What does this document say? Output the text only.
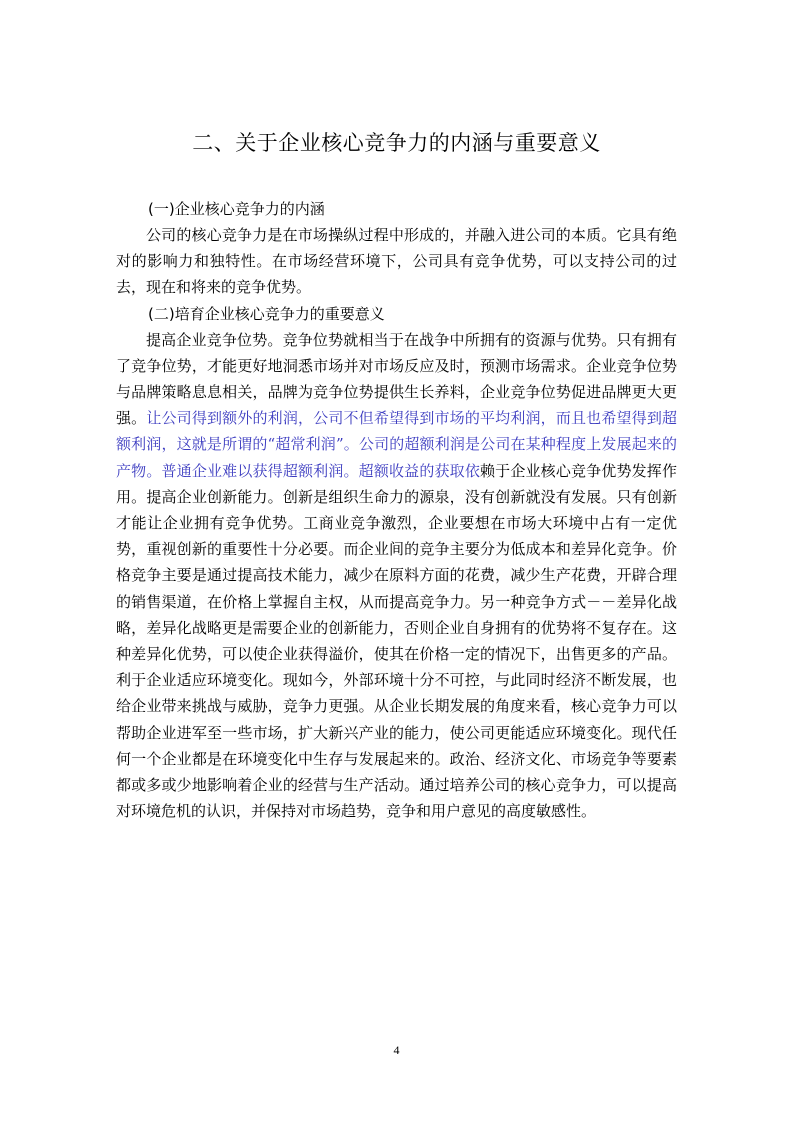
二、关于企业核心竞争力的内涵与重要意义
(一)企业核心竞争力的内涵

公司的核心竞争力是在市场操纵过程中形成的，并融入进公司的本质。它具有绝对的影响力和独特性。在市场经营环境下，公司具有竞争优势，可以支持公司的过去，现在和将来的竞争优势。

(二)培育企业核心竞争力的重要意义

提高企业竞争位势。竞争位势就相当于在战争中所拥有的资源与优势。只有拥有了竞争位势，才能更好地洞悉市场并对市场反应及时，预测市场需求。企业竞争位势与品牌策略息息相关，品牌为竞争位势提供生长养料，企业竞争位势促进品牌更大更强。让公司得到额外的利润，公司不但希望得到市场的平均利润，而且也希望得到超额利润，这就是所谓的“超常利润”。公司的超额利润是公司在某种程度上发展起来的产物。普通企业难以获得超额利润。超额收益的获取依赖于企业核心竞争优势发挥作用。提高企业创新能力。创新是组织生命力的源泉，没有创新就没有发展。只有创新才能让企业拥有竞争优势。工商业竞争激烈，企业要想在市场大环境中占有一定优势，重视创新的重要性十分必要。而企业间的竞争主要分为低成本和差异化竞争。价格竞争主要是通过提高技术能力，减少在原料方面的花费，减少生产花费，开辟合理的销售渠道，在价格上掌握自主权，从而提高竞争力。另一种竞争方式－－差异化战略，差异化战略更是需要企业的创新能力，否则企业自身拥有的优势将不复存在。这种差异化优势，可以使企业获得溢价，使其在价格一定的情况下，出售更多的产品。利于企业适应环境变化。现如今，外部环境十分不可控，与此同时经济不断发展，也给企业带来挑战与威胁，竞争力更强。从企业长期发展的角度来看，核心竞争力可以帮助企业进军至一些市场，扩大新兴产业的能力，使公司更能适应环境变化。现代任何一个企业都是在环境变化中生存与发展起来的。政治、经济文化、市场竞争等要素都或多或少地影响着企业的经营与生产活动。通过培养公司的核心竞争力，可以提高对环境危机的认识，并保持对市场趋势，竞争和用户意见的高度敏感性。

4
